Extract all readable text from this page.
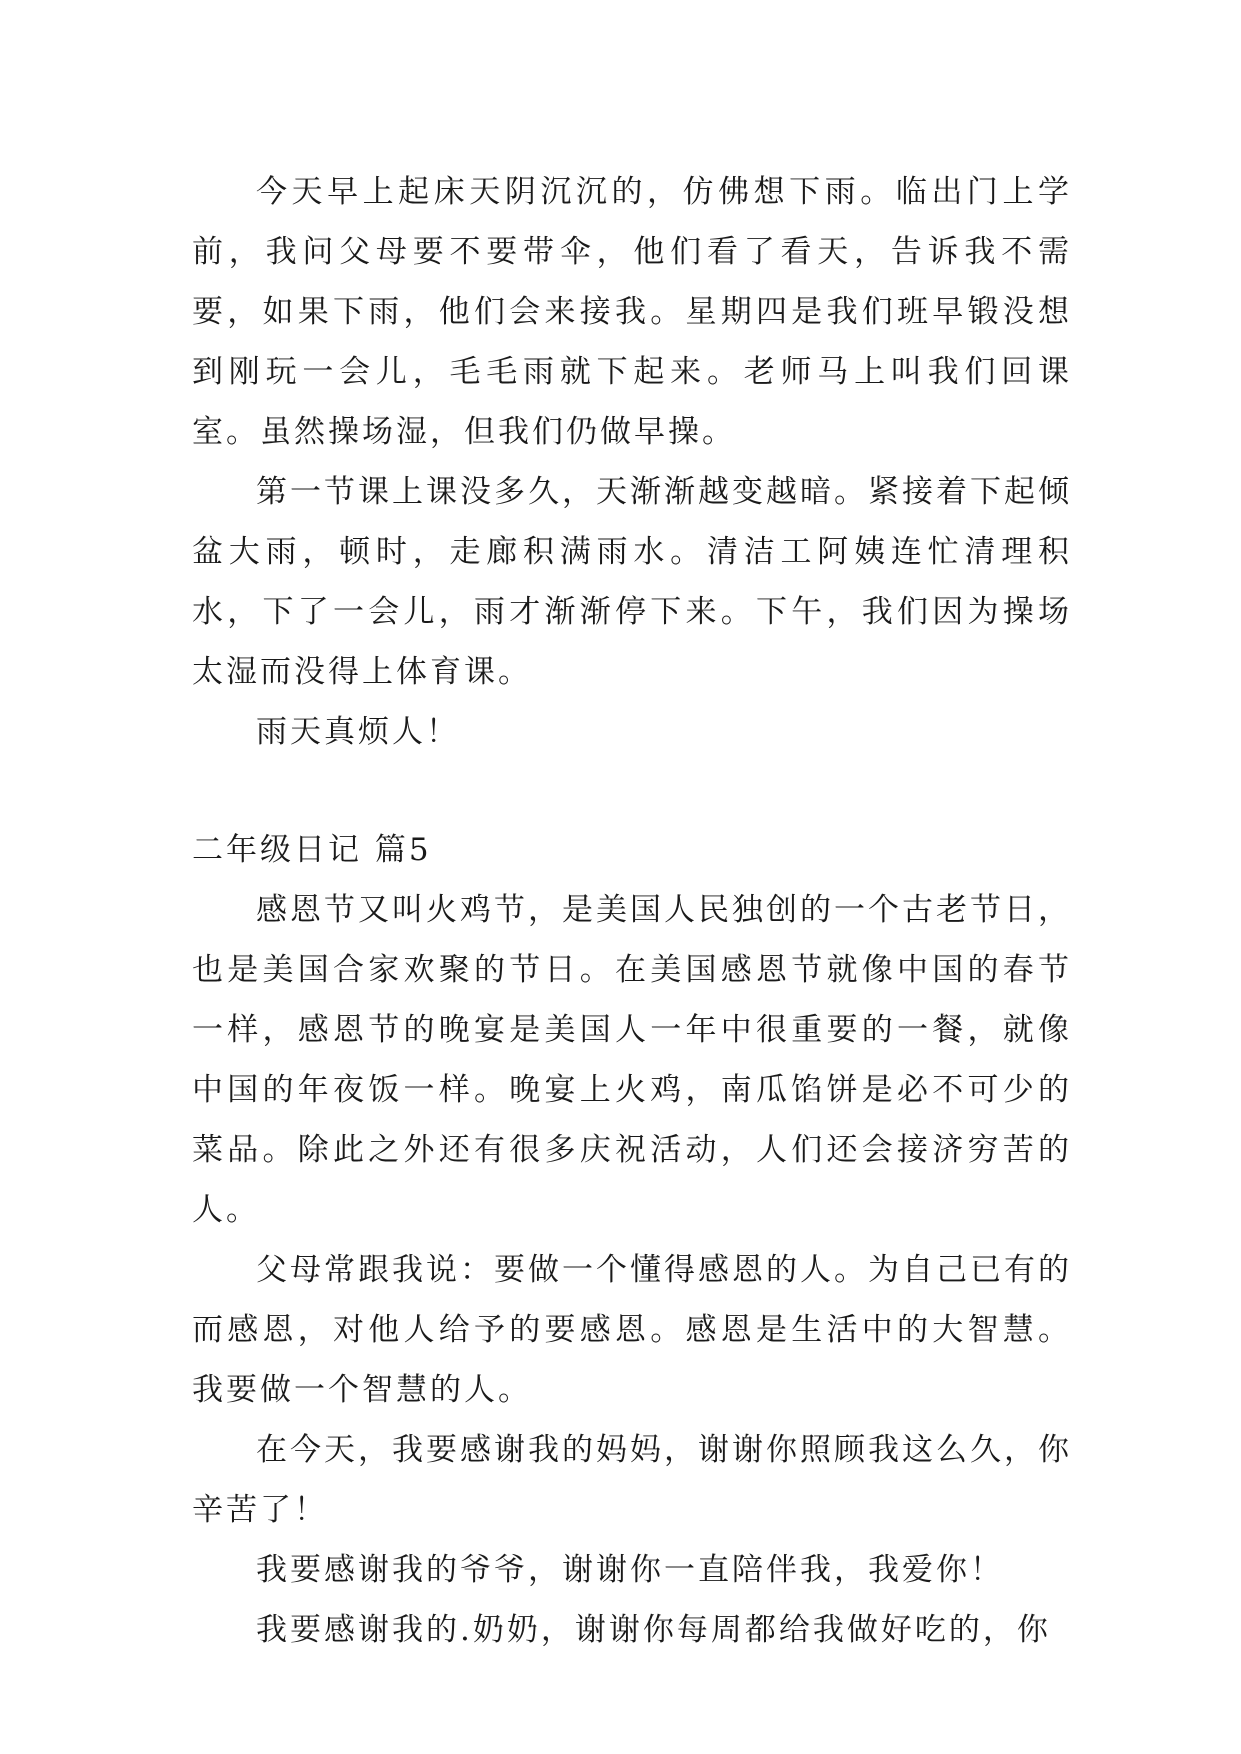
今天早上起床天阴沉沉的，仿佛想下雨。临出门上学前，我问父母要不要带伞，他们看了看天，告诉我不需要，如果下雨，他们会来接我。星期四是我们班早锻没想到刚玩一会儿，毛毛雨就下起来。老师马上叫我们回课室。虽然操场湿，但我们仍做早操。

第一节课上课没多久，天渐渐越变越暗。紧接着下起倾盆大雨，顿时，走廊积满雨水。清洁工阿姨连忙清理积水，下了一会儿，雨才渐渐停下来。下午，我们因为操场太湿而没得上体育课。

雨天真烦人！

二年级日记 篇5

感恩节又叫火鸡节，是美国人民独创的一个古老节日，也是美国合家欢聚的节日。在美国感恩节就像中国的春节一样，感恩节的晚宴是美国人一年中很重要的一餐，就像中国的年夜饭一样。晚宴上火鸡，南瓜馅饼是必不可少的菜品。除此之外还有很多庆祝活动，人们还会接济穷苦的人。

父母常跟我说：要做一个懂得感恩的人。为自己已有的而感恩，对他人给予的要感恩。感恩是生活中的大智慧。我要做一个智慧的人。

在今天，我要感谢我的妈妈，谢谢你照顾我这么久，你辛苦了！

我要感谢我的爷爷，谢谢你一直陪伴我，我爱你！

我要感谢我的.奶奶，谢谢你每周都给我做好吃的，你
